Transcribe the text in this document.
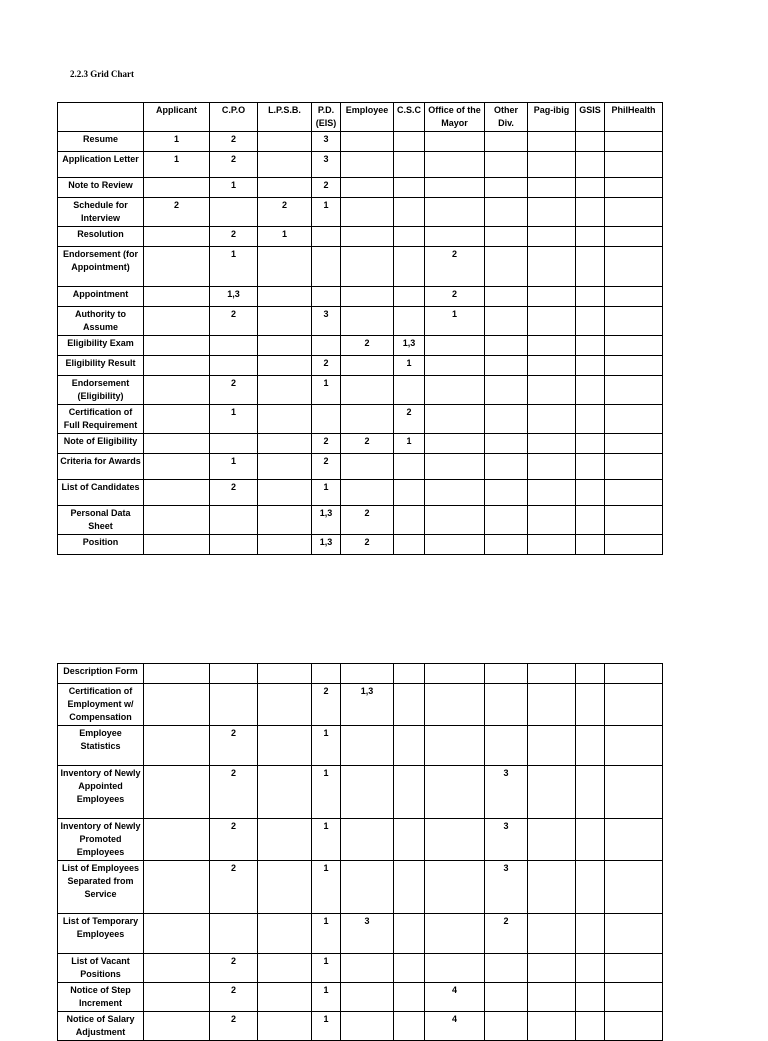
2.2.3 Grid Chart
	Applicant	C.P.O	L.P.S.B.	P.D. (EIS)	Employee	C.S.C	Office of the Mayor	Other Div.	Pag-ibig	GSIS	PhilHealth
Resume	1	2		3							
Application Letter	1	2		3							
Note to Review		1		2							
Schedule for Interview	2		2	1							
Resolution		2	1								
Endorsement (for Appointment)		1					2				
Appointment		1,3					2				
Authority to Assume		2		3			1				
Eligibility Exam					2	1,3					
Eligibility Result				2		1					
Endorsement (Eligibility)		2		1							
Certification of Full Requirement		1				2					
Note of Eligibility				2	2	1					
Criteria for Awards		1		2							
List of Candidates		2		1							
Personal Data Sheet				1,3	2						
Position				1,3	2						
Description Form											
Certification of Employment w/ Compensation				2	1,3						
Employee Statistics		2		1							
Inventory of Newly Appointed Employees		2		1				3			
Inventory of Newly Promoted Employees		2		1				3			
List of Employees Separated from Service		2		1				3			
List of Temporary Employees				1	3			2			
List of Vacant Positions		2		1							
Notice of Step Increment		2		1			4				
Notice of Salary Adjustment		2		1			4				
